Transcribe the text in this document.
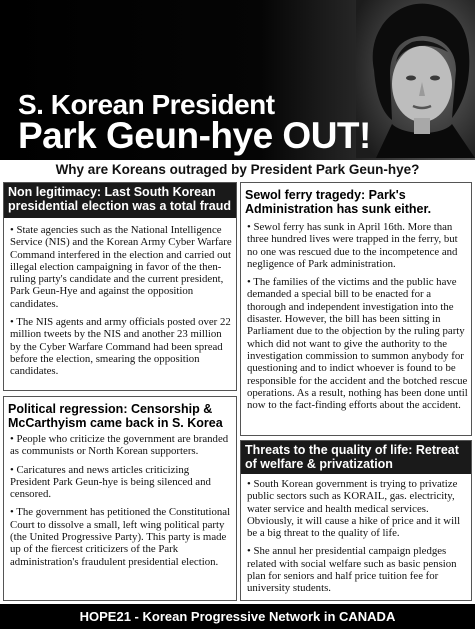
S. Korean President
Park Geun-hye OUT!
Why are Koreans outraged by President Park Geun-hye?
Non legitimacy: Last South Korean presidential election was a total fraud

• State agencies such as the National Intelligence Service (NIS) and the Korean Army Cyber Warfare Command interfered in the election and carried out illegal election campaigning in favor of the then-ruling party's candidate and the current president, Park Geun-Hye and against the opposition candidates.

• The NIS agents and army officials posted over 22 million tweets by the NIS and another 23 million by the Cyber Warfare Command had been spread before the election, smearing the opposition candidates.

Political regression: Censorship & McCarthyism came back in S. Korea

• People who criticize the government are branded as communists or North Korean supporters.

• Caricatures and news articles criticizing President Park Geun-hye is being silenced and censored.

• The government has petitioned the Constitutional Court to dissolve a small, left wing political party (the United Progressive Party). This party is made up of the fiercest criticizers of the Park administration's fraudulent presidential election.

Sewol ferry tragedy: Park's Administration has sunk either.

• Sewol ferry has sunk in April 16th. More than three hundred lives were trapped in the ferry, but no one was rescued due to the incompetence and negligence of Park administration.

• The families of the victims and the public have demanded a special bill to be enacted for a thorough and independent investigation into the disaster. However, the bill has been sitting in Parliament due to the objection by the ruling party which did not want to give the authority to the investigation commission to summon anybody for questioning and to indict whoever is found to be responsible for the accident and the botched rescue operations. As a result, nothing has been done until now to the fact-finding efforts about the accident.

Threats to the quality of life: Retreat of welfare & privatization

• South Korean government is trying to privatize public sectors such as KORAIL, gas. electricity, water service and health medical services. Obviously, it will cause a hike of price and it will be a big threat to the quality of life.

• She annul her presidential campaign pledges related with social welfare such as basic pension plan for seniors and half price tuition fee for university students.

HOPE21 - Korean Progressive Network in CANADA
